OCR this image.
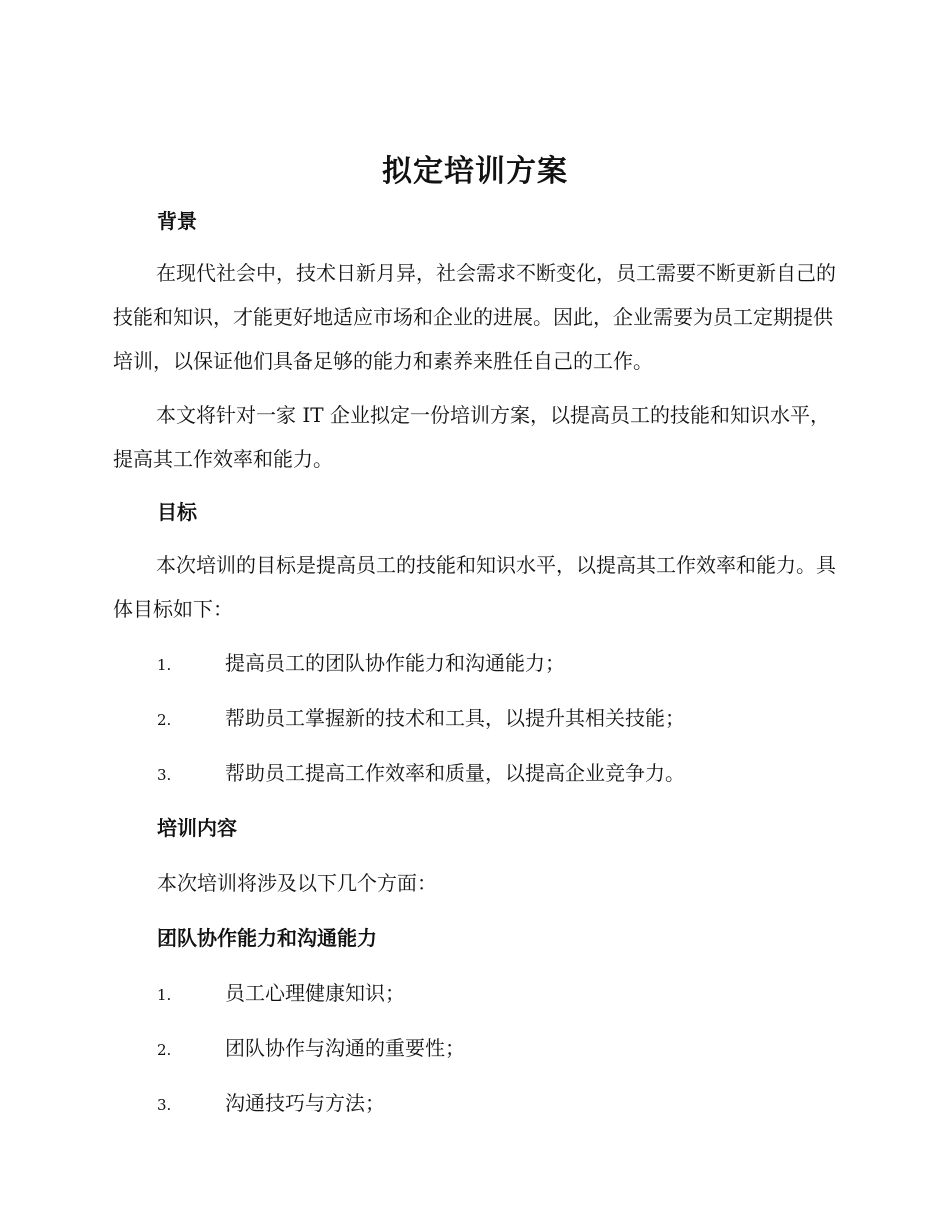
拟定培训方案
背景

在现代社会中，技术日新月异，社会需求不断变化，员工需要不断更新自己的技能和知识，才能更好地适应市场和企业的进展。因此，企业需要为员工定期提供培训，以保证他们具备足够的能力和素养来胜任自己的工作。

本文将针对一家 IT 企业拟定一份培训方案，以提高员工的技能和知识水平，提高其工作效率和能力。

目标

本次培训的目标是提高员工的技能和知识水平，以提高其工作效率和能力。具体目标如下：

1.	提高员工的团队协作能力和沟通能力；
2.	帮助员工掌握新的技术和工具，以提升其相关技能；
3.	帮助员工提高工作效率和质量，以提高企业竞争力。
培训内容
本次培训将涉及以下几个方面：
团队协作能力和沟通能力
1.	员工心理健康知识；
2.	团队协作与沟通的重要性；
3.	沟通技巧与方法；
